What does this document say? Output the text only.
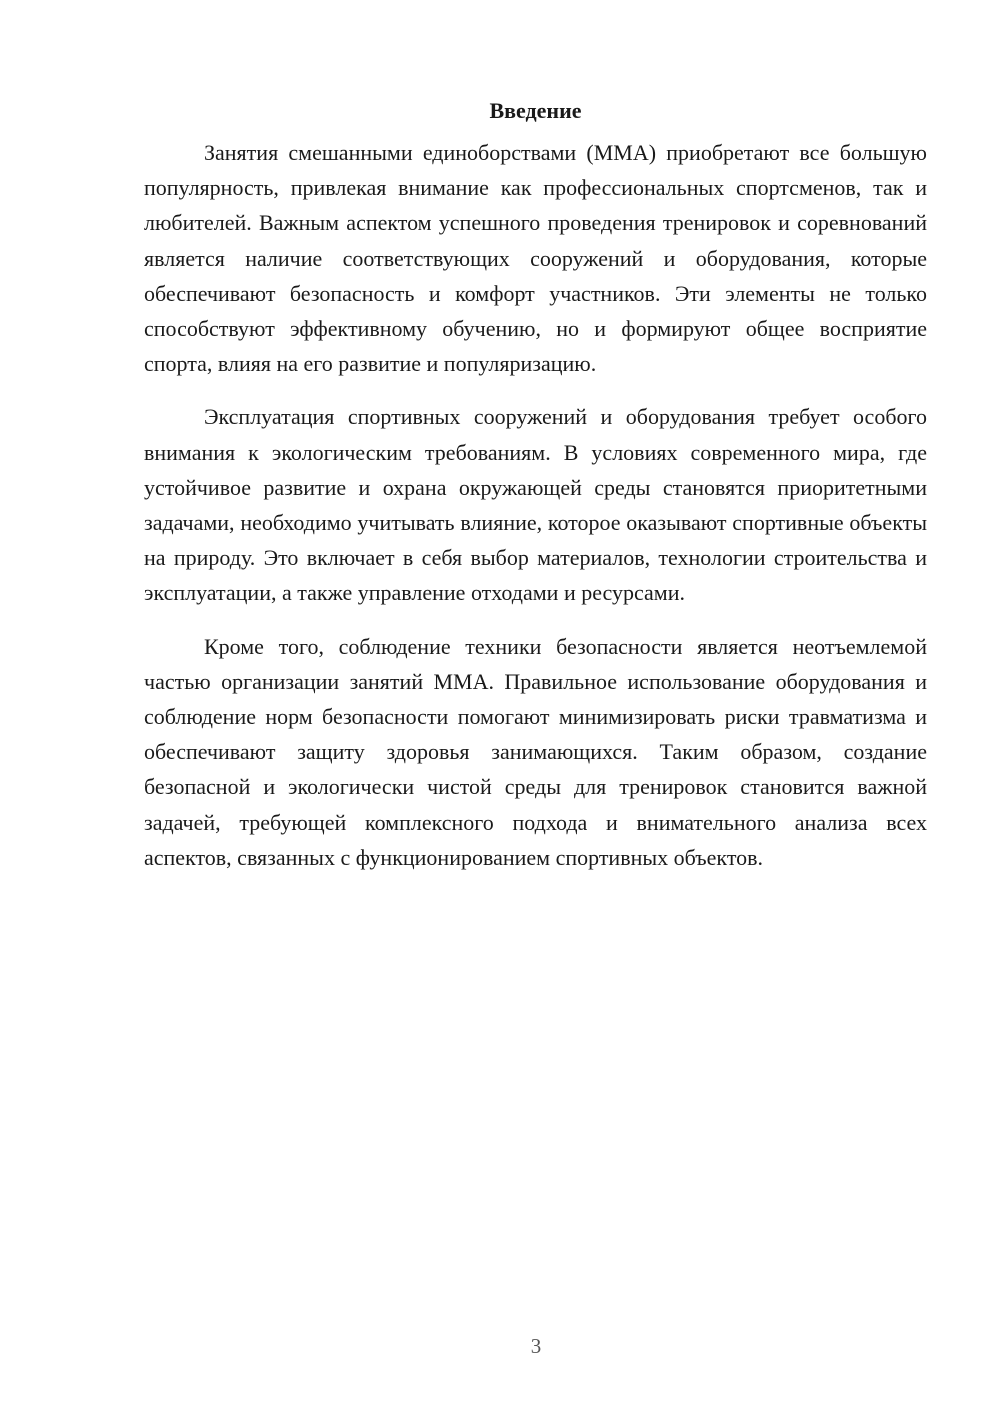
Введение

Занятия смешанными единоборствами (ММА) приобретают все большую популярность, привлекая внимание как профессиональных спортсменов, так и любителей. Важным аспектом успешного проведения тренировок и соревнований является наличие соответствующих сооружений и оборудования, которые обеспечивают безопасность и комфорт участников. Эти элементы не только способствуют эффективному обучению, но и формируют общее восприятие спорта, влияя на его развитие и популяризацию.

Эксплуатация спортивных сооружений и оборудования требует особого внимания к экологическим требованиям. В условиях современного мира, где устойчивое развитие и охрана окружающей среды становятся приоритетными задачами, необходимо учитывать влияние, которое оказывают спортивные объекты на природу. Это включает в себя выбор материалов, технологии строительства и эксплуатации, а также управление отходами и ресурсами.

Кроме того, соблюдение техники безопасности является неотъемлемой частью организации занятий ММА. Правильное использование оборудования и соблюдение норм безопасности помогают минимизировать риски травматизма и обеспечивают защиту здоровья занимающихся. Таким образом, создание безопасной и экологически чистой среды для тренировок становится важной задачей, требующей комплексного подхода и внимательного анализа всех аспектов, связанных с функционированием спортивных объектов.

3
